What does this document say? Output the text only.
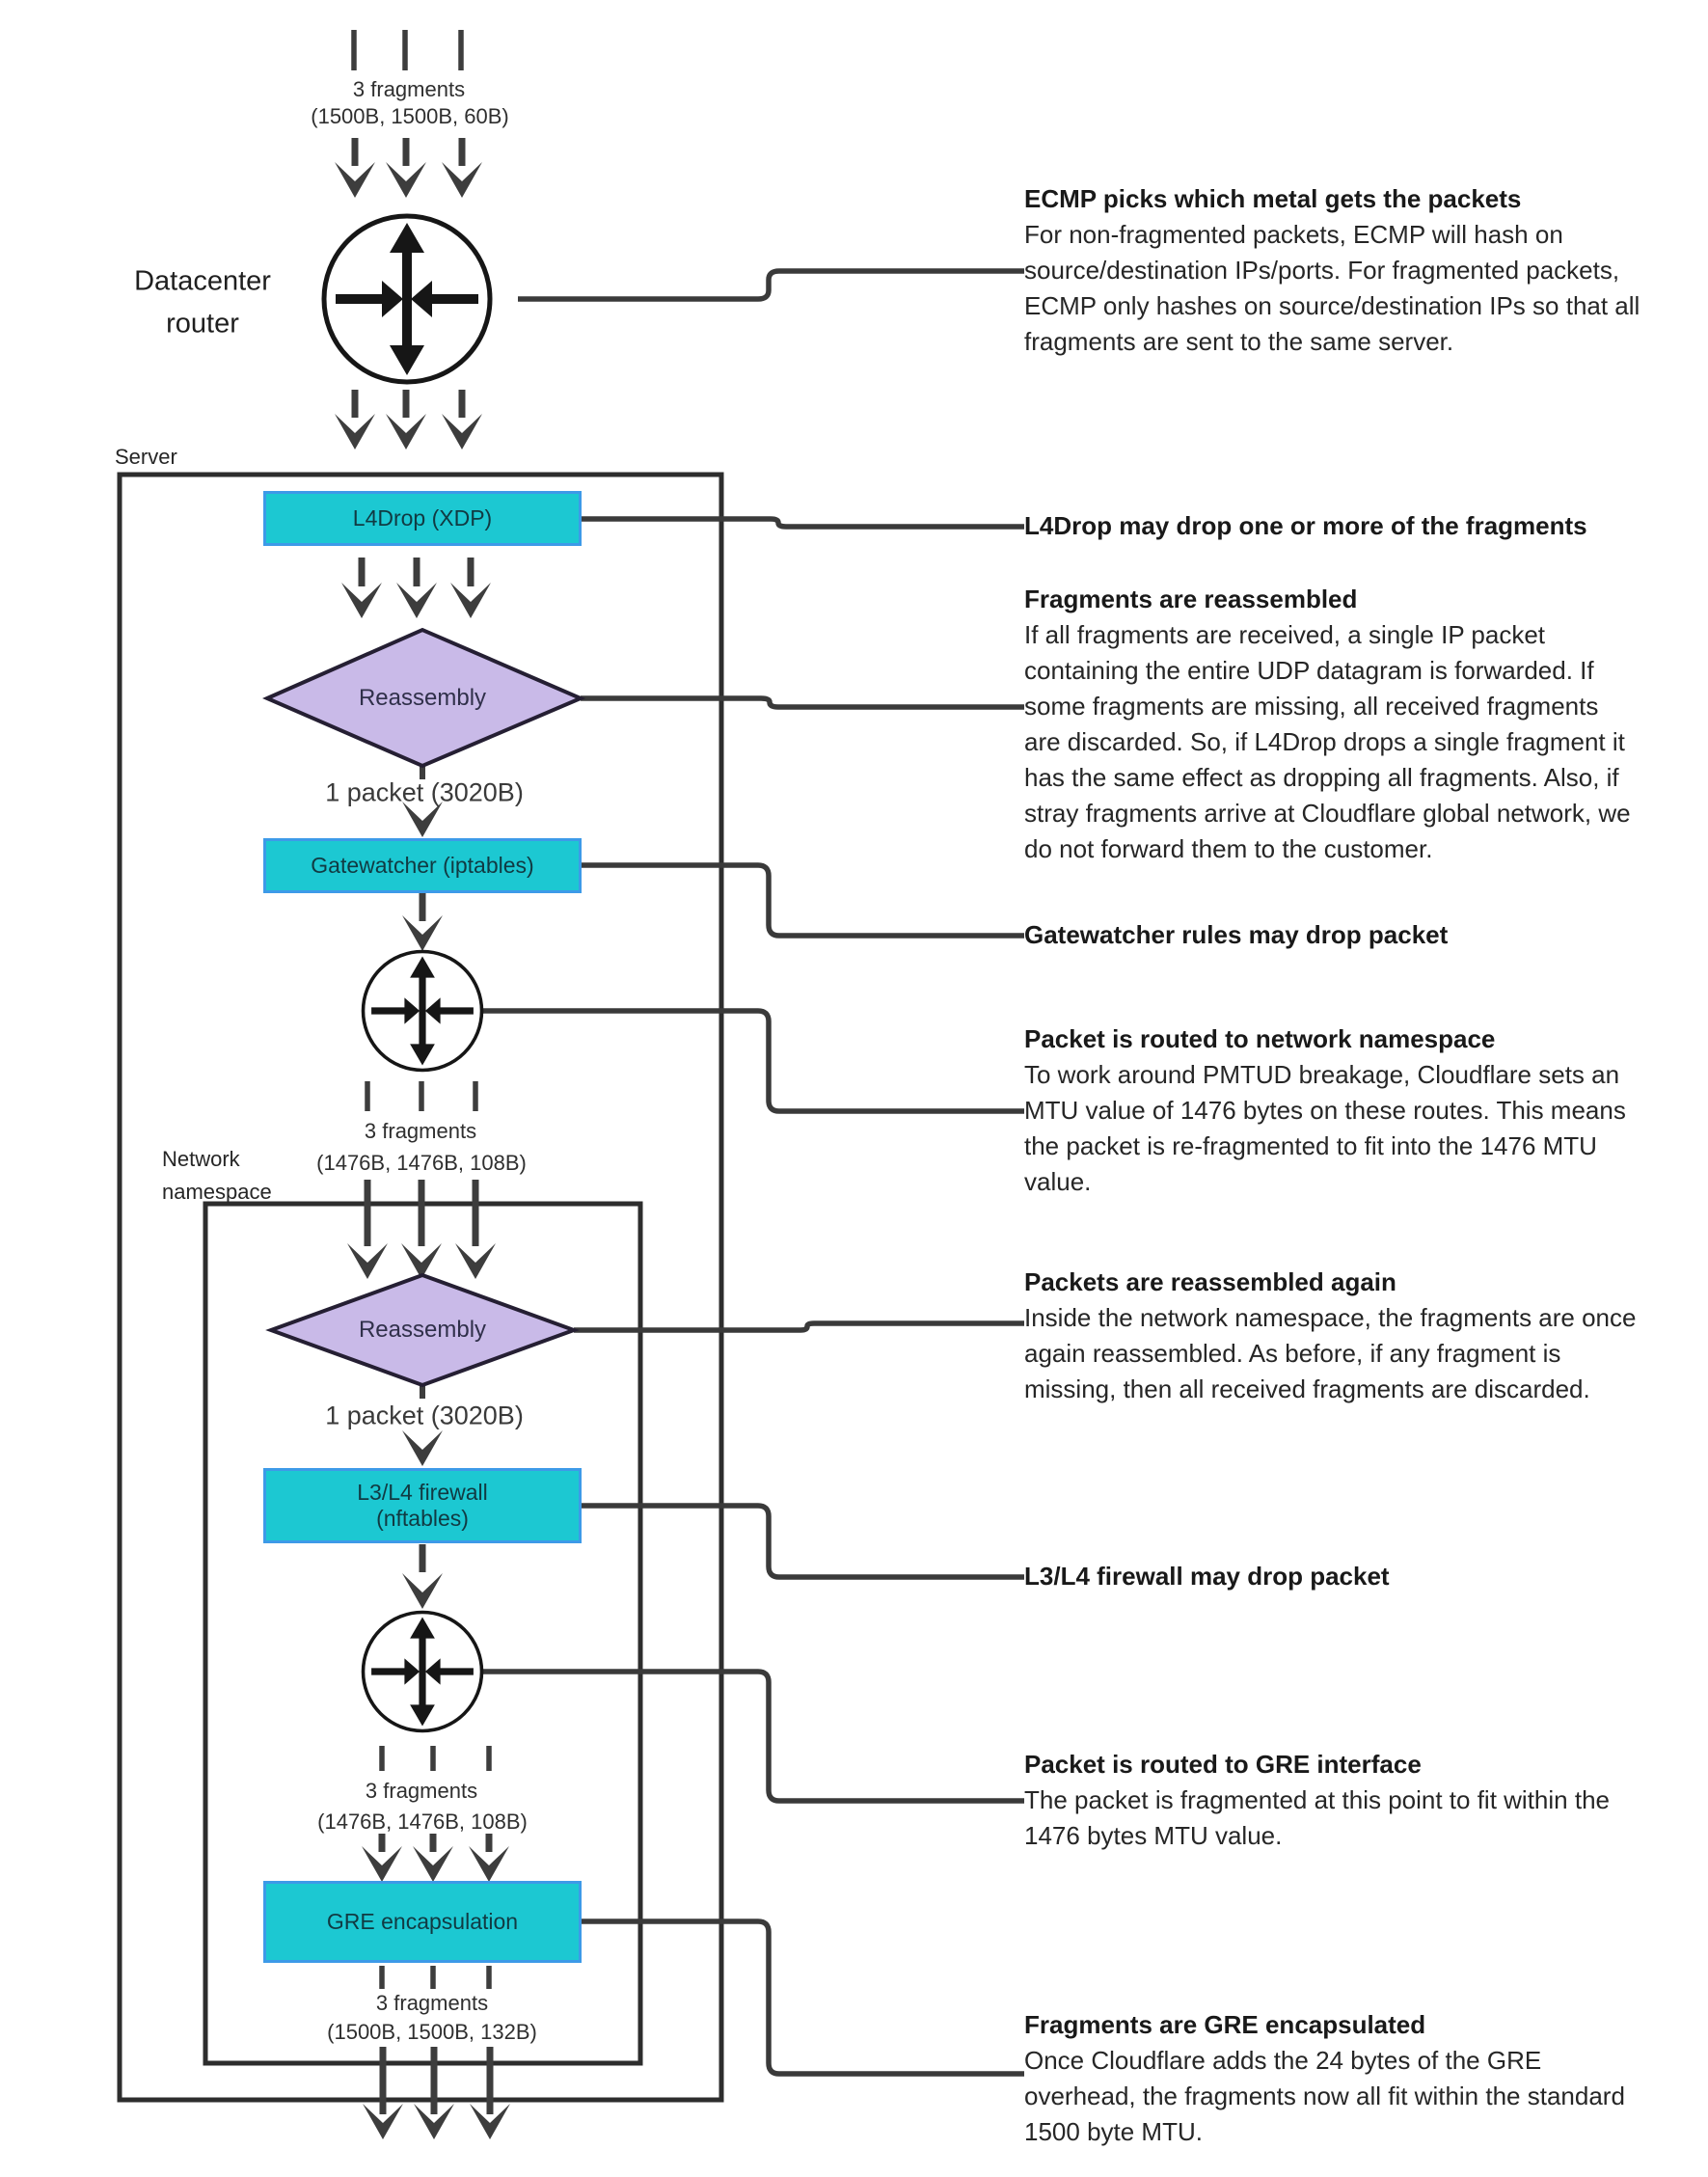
3 fragments
(1500B, 1500B, 60B)
Datacenter
router
Server
L4Drop (XDP)
Reassembly
1 packet (3020B)
Gatewatcher (iptables)
3 fragments
(1476B, 1476B, 108B)
Network
namespace
Reassembly
1 packet (3020B)
L3/L4 firewall
(nftables)
3 fragments
(1476B, 1476B, 108B)
GRE encapsulation
3 fragments
(1500B, 1500B, 132B)
ECMP picks which metal gets the packets
For non-fragmented packets, ECMP will hash on
source/destination IPs/ports. For fragmented packets,
ECMP only hashes on source/destination IPs so that all
fragments are sent to the same server.
L4Drop may drop one or more of the fragments
Fragments are reassembled
If all fragments are received, a single IP packet
containing the entire UDP datagram is forwarded. If
some fragments are missing, all received fragments
are discarded. So, if L4Drop drops a single fragment it
has the same effect as dropping all fragments. Also, if
stray fragments arrive at Cloudflare global network, we
do not forward them to the customer.
Gatewatcher rules may drop packet
Packet is routed to network namespace
To work around PMTUD breakage, Cloudflare sets an
MTU value of 1476 bytes on these routes. This means
the packet is re-fragmented to fit into the 1476 MTU
value.
Packets are reassembled again
Inside the network namespace, the fragments are once
again reassembled. As before, if any fragment is
missing, then all received fragments are discarded.
L3/L4 firewall may drop packet
Packet is routed to GRE interface
The packet is fragmented at this point to fit within the
1476 bytes MTU value.
Fragments are GRE encapsulated
Once Cloudflare adds the 24 bytes of the GRE
overhead, the fragments now all fit within the standard
1500 byte MTU.
